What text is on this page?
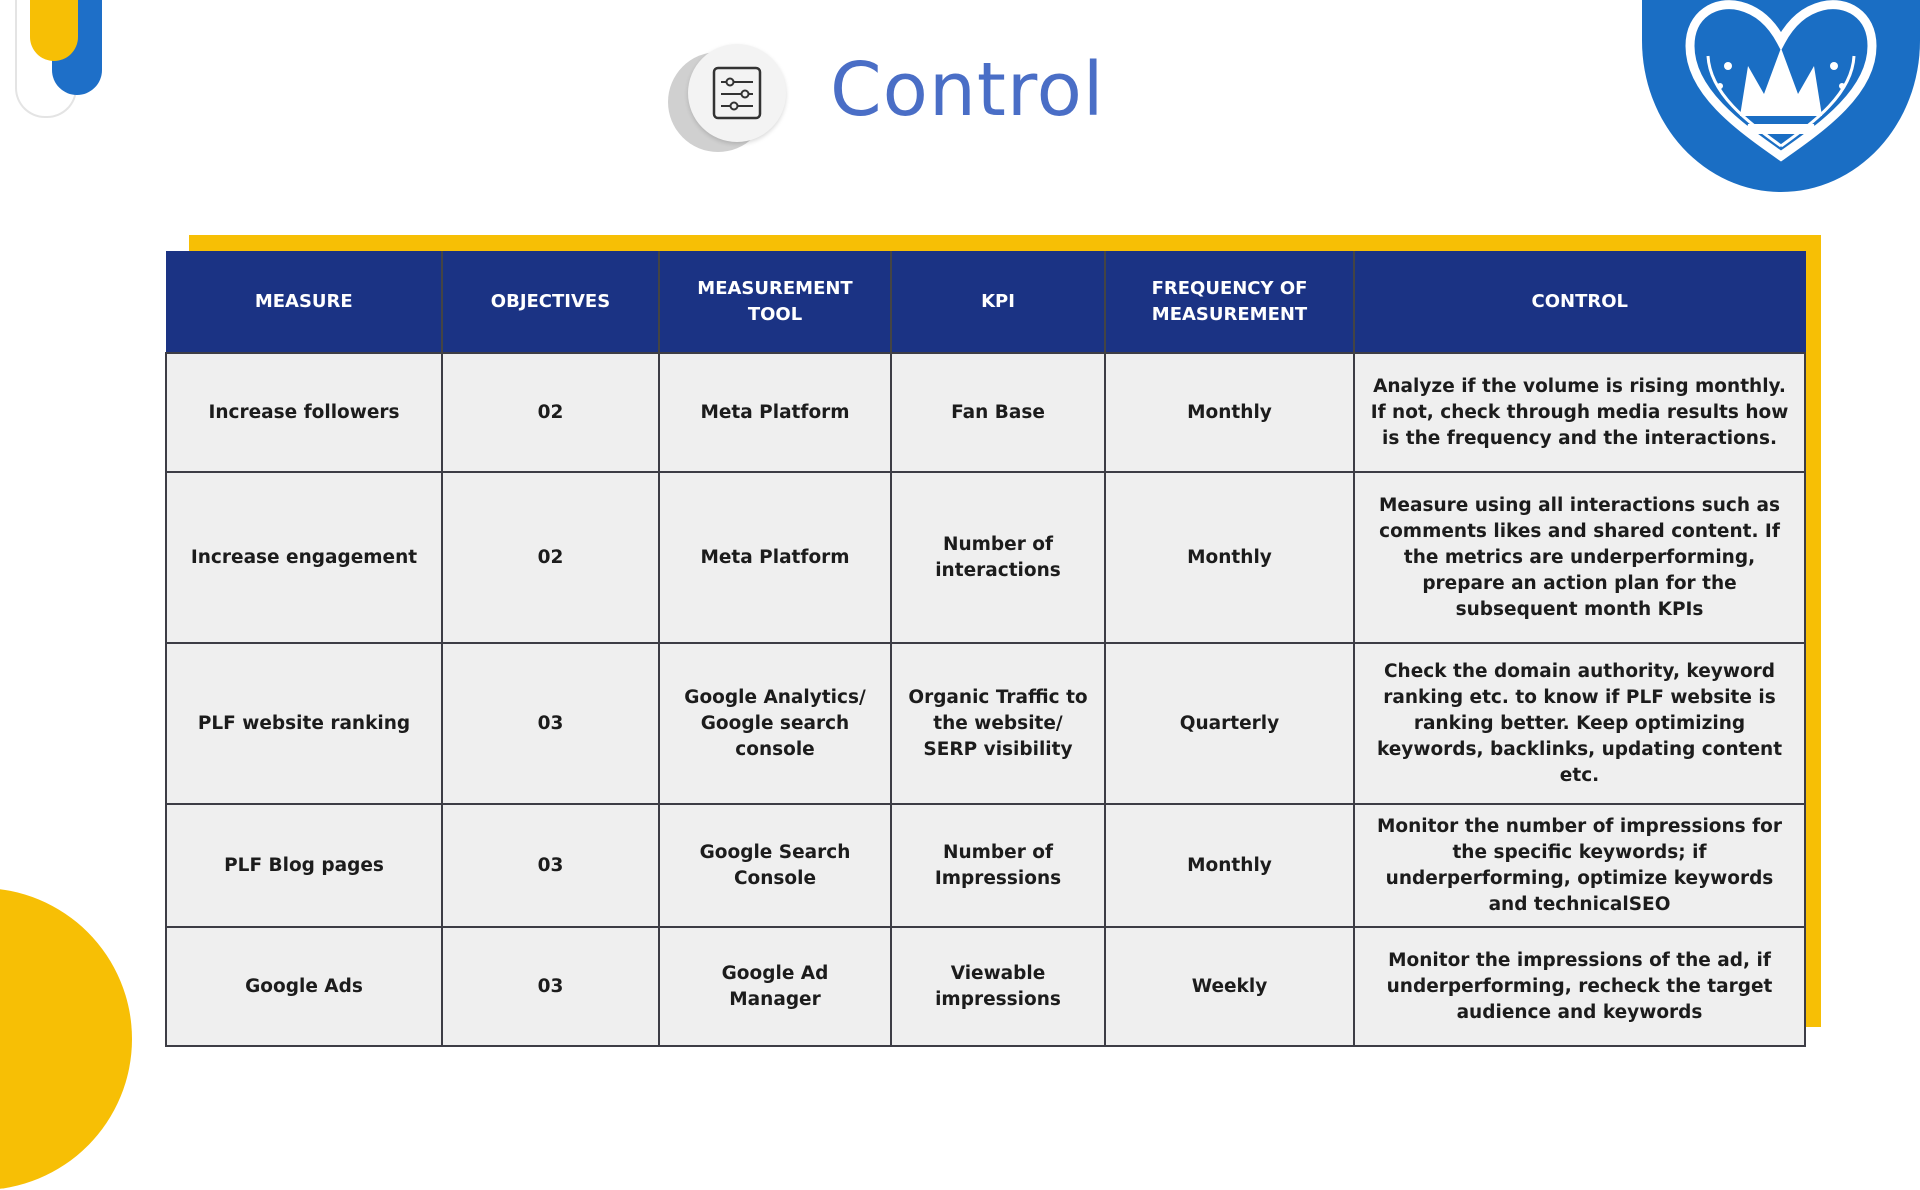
Control
MEASURE	OBJECTIVES	MEASUREMENT TOOL	KPI	FREQUENCY OF MEASUREMENT	CONTROL
Increase followers	02	Meta Platform	Fan Base	Monthly	Analyze if the volume is rising monthly. If not, check through media results how is the frequency and the interactions.
Increase engagement	02	Meta Platform	Number of interactions	Monthly	Measure using all interactions such as comments likes and shared content. If the metrics are underperforming, prepare an action plan for the subsequent month KPIs
PLF website ranking	03	Google Analytics/ Google search console	Organic Traffic to the website/ SERP visibility	Quarterly	Check the domain authority, keyword ranking etc. to know if PLF website is ranking better. Keep optimizing keywords, backlinks, updating content etc.
PLF Blog pages	03	Google Search Console	Number of Impressions	Monthly	Monitor the number of impressions for the specific keywords; if underperforming, optimize keywords and technicalSEO
Google Ads	03	Google Ad Manager	Viewable impressions	Weekly	Monitor the impressions of the ad, if underperforming, recheck the target audience and keywords
